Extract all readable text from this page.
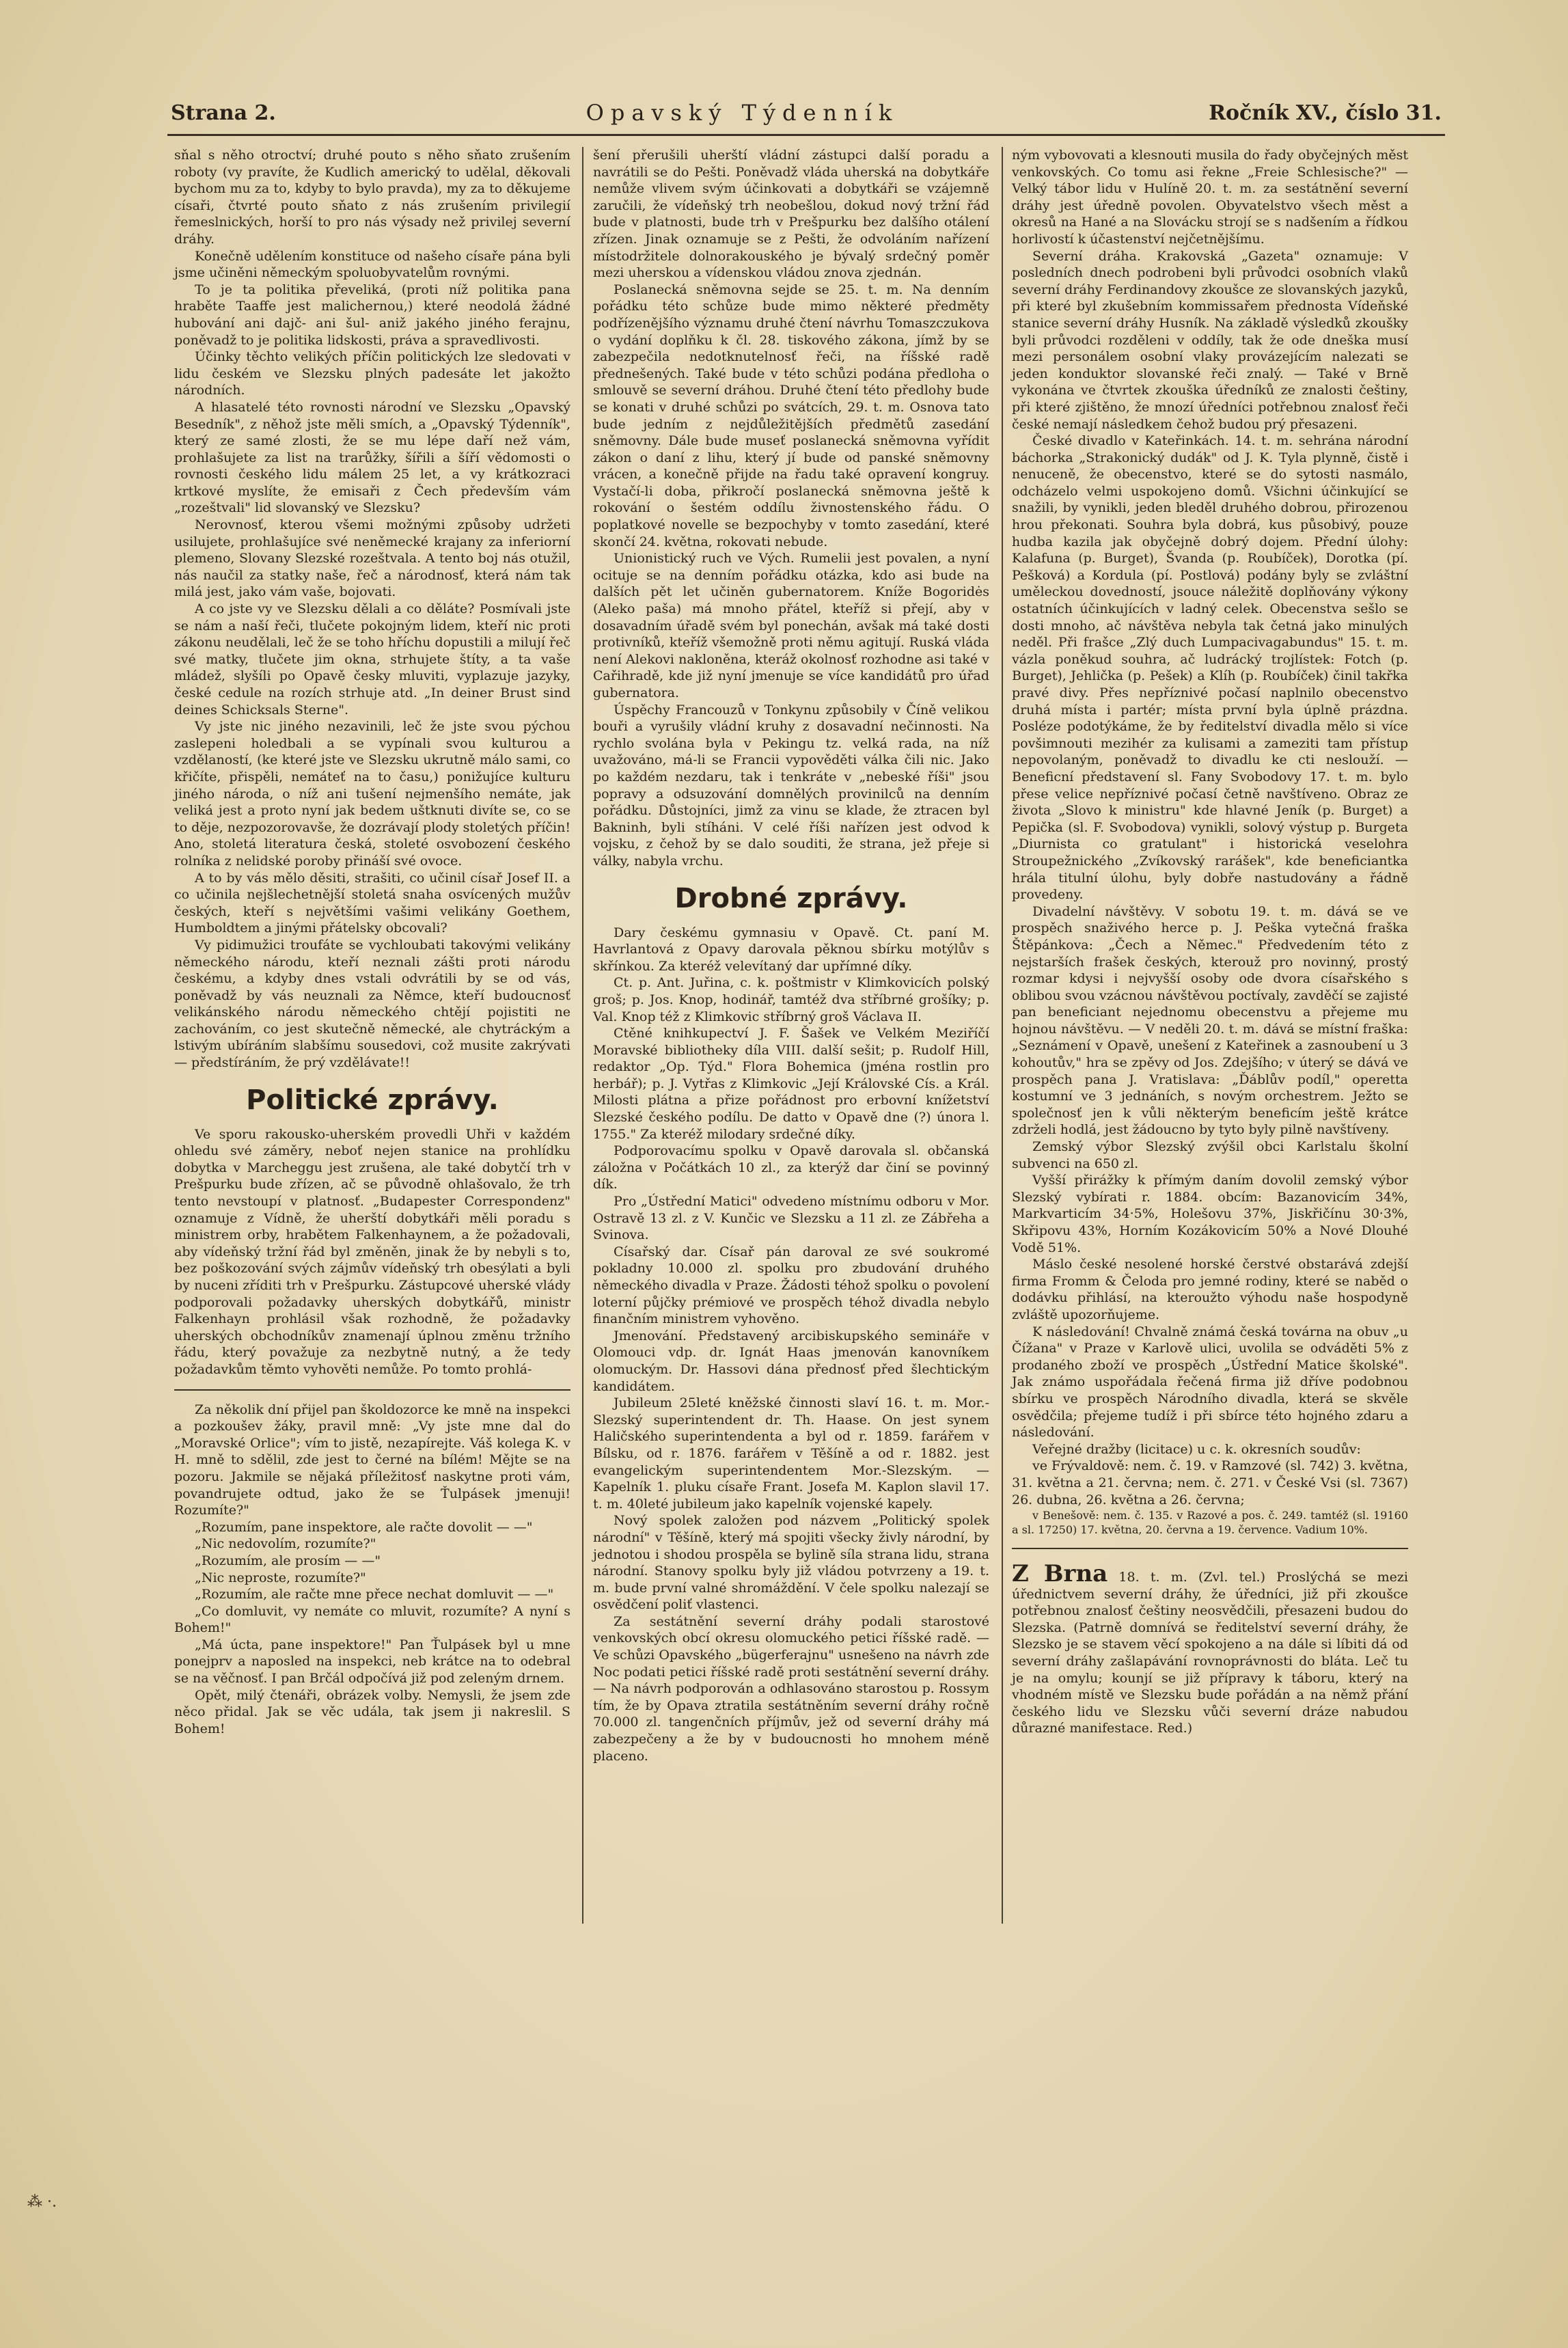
Strana 2.	Opavský Týdenník	Ročník XV., číslo 31.

sňal s něho otroctví; druhé pouto s něho sňato zrušením roboty (vy pravíte, že Kudlich americký to udělal, děkovali bychom mu za to, kdyby to bylo pravda), my za to děkujeme císaři, čtvrté pouto sňato z nás zrušením privilegií řemeslnických, horší to pro nás výsady než privilej severní dráhy.

Konečně udělením konstituce od našeho císaře pána byli jsme učiněni německým spoluobyvatelům rovnými.

To je ta politika převeliká, (proti níž politika pana hraběte Taaffe jest malichernou,) které neodolá žádné hubování ani dajč- ani šul- aniž jakého jiného ferajnu, poněvadž to je politika lidskosti, práva a spravedlivosti.

Účinky těchto velikých příčin politických lze sledovati v lidu českém ve Slezsku plných padesáte let jakožto národních.

A hlasatelé této rovnosti národní ve Slezsku „Opavský Besedník", z něhož jste měli smích, a „Opavský Týdenník", který ze samé zlosti, že se mu lépe daří než vám, prohlašujete za list na trarůžky, šířili a šíří vědomosti o rovnosti českého lidu málem 25 let, a vy krátkozraci krtkové myslíte, že emisaři z Čech především vám „rozeštvali" lid slovanský ve Slezsku?

Nerovnosť, kterou všemi možnými způsoby udržeti usilujete, prohlašujíce své neněmecké krajany za inferiorní plemeno, Slovany Slezské rozeštvala. A tento boj nás otužil, nás naučil za statky naše, řeč a národnosť, která nám tak milá jest, jako vám vaše, bojovati.

A co jste vy ve Slezsku dělali a co děláte? Posmívali jste se nám a naší řeči, tlučete pokojným lidem, kteří nic proti zákonu neudělali, leč že se toho hříchu dopustili a milují řeč své matky, tlučete jim okna, strhujete štíty, a ta vaše mládež, slyšíli po Opavě česky mluviti, vyplazuje jazyky, české cedule na rozích strhuje atd. „In deiner Brust sind deines Schicksals Sterne".

Vy jste nic jiného nezavinili, leč že jste svou pýchou zaslepeni holedbali a se vypínali svou kulturou a vzdělaností, (ke které jste ve Slezsku ukrutně málo sami, co křičíte, přispěli, nemáteť na to času,) ponižujíce kulturu jiného národa, o níž ani tušení nejmenšího nemáte, jak veliká jest a proto nyní jak bedem uštknuti divíte se, co se to děje, nezpozorovavše, že dozrávají plody stoletých příčin! Ano, stoletá literatura česká, stoleté osvobození českého rolníka z nelidské poroby přináší své ovoce.

A to by vás mělo děsiti, strašiti, co učinil císař Josef II. a co učinila nejšlechetnější stoletá snaha osvícených mužův českých, kteří s největšími vašimi velikány Goethem, Humboldtem a jinými přátelsky obcovali?

Vy pidimužici troufáte se vychloubati takovými velikány německého národu, kteří neznali zášti proti národu českému, a kdyby dnes vstali odvrátili by se od vás, poněvadž by vás neuznali za Němce, kteří budoucnosť velikánského národu německého chtějí pojistiti ne zachováním, co jest skutečně německé, ale chytráckým a lstivým ubíráním slabšímu sousedovi, což musite zakrývati — předstíráním, že prý vzdělávate!!

Politické zprávy.

Ve sporu rakousko-uherském provedli Uhři v každém ohledu své záměry, neboť nejen stanice na prohlídku dobytka v Marcheggu jest zrušena, ale také dobytčí trh v Prešpurku bude zřízen, ač se původně ohlašovalo, že trh tento nevstoupí v platnosť. „Budapester Correspondenz" oznamuje z Vídně, že uherští dobytkáři měli poradu s ministrem orby, hrabětem Falkenhaynem, a že požadovali, aby vídeňský tržní řád byl změněn, jinak že by nebyli s to, bez poškozování svých zájmův vídeňský trh obesýlati a byli by nuceni zříditi trh v Prešpurku. Zástupcové uherské vlády podporovali požadavky uherských dobytkářů, ministr Falkenhayn prohlásil však rozhodně, že požadavky uherských obchodníkův znamenají úplnou změnu tržního řádu, který považuje za nezbytně nutný, a že tedy požadavkům těmto vyhověti nemůže. Po tomto prohlá-

Za několik dní přijel pan školdozorce ke mně na inspekci a pozkoušev žáky, pravil mně: „Vy jste mne dal do „Moravské Orlice"; vím to jistě, nezapírejte. Váš kolega K. v H. mně to sdělil, zde jest to černé na bílém! Mějte se na pozoru. Jakmile se nějaká příležitosť naskytne proti vám, povandrujete odtud, jako že se Ťulpásek jmenuji! Rozumíte?"

„Rozumím, pane inspektore, ale račte dovolit — —"

„Nic nedovolím, rozumíte?"

„Rozumím, ale prosím — —"

„Nic neproste, rozumíte?"

„Rozumím, ale račte mne přece nechat domluvit — —"

„Co domluvit, vy nemáte co mluvit, rozumíte? A nyní s Bohem!"

„Má úcta, pane inspektore!" Pan Ťulpásek byl u mne ponejprv a naposled na inspekci, neb krátce na to odebral se na věčnosť. I pan Brčál odpočívá již pod zeleným drnem.

Opět, milý čtenáři, obrázek volby. Nemysli, že jsem zde něco přidal. Jak se věc udála, tak jsem ji nakreslil. S Bohem!

šení přerušili uherští vládní zástupci další poradu a navrátili se do Pešti. Poněvadž vláda uherská na dobytkáře nemůže vlivem svým účinkovati a dobytkáři se vzájemně zaručili, že vídeňský trh neobešlou, dokud nový tržní řád bude v platnosti, bude trh v Prešpurku bez dalšího otálení zřízen. Jinak oznamuje se z Pešti, že odvoláním nařízení místodržitele dolnorakouského je bývalý srdečný poměr mezi uherskou a vídenskou vládou znova zjednán.

Poslanecká sněmovna sejde se 25. t. m. Na denním pořádku této schůze bude mimo některé předměty podřízenějšího významu druhé čtení návrhu Tomaszczukova o vydání doplňku k čl. 28. tiskového zákona, jímž by se zabezpečila nedotknutelnosť řeči, na říšské radě přednešených. Také bude v této schůzi podána předloha o smlouvě se severní dráhou. Druhé čtení této předlohy bude se konati v druhé schůzi po svátcích, 29. t. m. Osnova tato bude jedním z nejdůležitějších předmětů zasedání sněmovny. Dále bude museť poslanecká sněmovna vyřídit zákon o daní z lihu, který jí bude od panské sněmovny vrácen, a konečně přijde na řadu také opravení kongruy. Vystačí-li doba, přikročí poslanecká sněmovna ještě k rokování o šestém oddílu živnostenského řádu. O poplatkové novelle se bezpochyby v tomto zasedání, které skončí 24. května, rokovati nebude.

Unionistický ruch ve Vých. Rumelii jest povalen, a nyní ocituje se na denním pořádku otázka, kdo asi bude na dalších pět let učiněn gubernatorem. Kníže Bogoridės (Aleko paša) má mnoho přátel, kteříž si přejí, aby v dosavadním úřadě svém byl ponechán, avšak má také dosti protivníků, kteříž všemožně proti němu agitují. Ruská vláda není Alekovi nakloněna, kteráž okolnosť rozhodne asi také v Cařihradě, kde již nyní jmenuje se více kandidátů pro úřad gubernatora.

Úspěchy Francouzů v Tonkynu způsobily v Číně velikou bouři a vyrušily vládní kruhy z dosavadní nečinnosti. Na rychlo svolána byla v Pekingu tz. velká rada, na níž uvažováno, má-li se Francii vypověděti válka čili nic. Jako po každém nezdaru, tak i tenkráte v „nebeské říši" jsou popravy a odsuzování domnělých provinilců na denním pořádku. Důstojníci, jimž za vinu se klade, že ztracen byl Bakninh, byli stíháni. V celé říši nařízen jest odvod k vojsku, z čehož by se dalo souditi, že strana, jež přeje si války, nabyla vrchu.

Drobné zprávy.

Dary českému gymnasiu v Opavě. Ct. paní M. Havrlantová z Opavy darovala pěknou sbírku motýlův s skřínkou. Za kteréž velevítaný dar upřímné díky.

Ct. p. Ant. Juřina, c. k. poštmistr v Klimkovicích polský groš; p. Jos. Knop, hodinář, tamtéž dva stříbrné grošíky; p. Val. Knop též z Klimkovic stříbrný groš Václava II.

Ctěné knihkupectví J. F. Šašek ve Velkém Meziříčí Moravské bibliotheky díla VIII. další sešit; p. Rudolf Hill, redaktor „Op. Týd." Flora Bohemica (jména rostlin pro herbář); p. J. Vytřas z Klimkovic „Její Královské Cís. a Král. Milosti plátna a přize pořádnost pro erbovní knížetství Slezské českého podílu. De datto v Opavě dne (?) února l. 1755." Za kteréž milodary srdečné díky.

Podporovacímu spolku v Opavě darovala sl. občanská záložna v Počátkách 10 zl., za kterýž dar činí se povinný dík.

Pro „Ústřední Matici" odvedeno místnímu odboru v Mor. Ostravě 13 zl. z V. Kunčic ve Slezsku a 11 zl. ze Zábřeha a Svinova.

Císařský dar. Císař pán daroval ze své soukromé pokladny 10.000 zl. spolku pro zbudování druhého německého divadla v Praze. Žádosti téhož spolku o povolení loterní půjčky prémiové ve prospěch téhož divadla nebylo finančním ministrem vyhověno.

Jmenování. Představený arcibiskupského semináře v Olomouci vdp. dr. Ignát Haas jmenován kanovníkem olomuckým. Dr. Hassovi dána přednosť před šlechtickým kandidátem.

Jubileum 25leté kněžské činnosti slaví 16. t. m. Mor.-Slezský superintendent dr. Th. Haase. On jest synem Haličského superintendenta a byl od r. 1859. farářem v Bílsku, od r. 1876. farářem v Těšíně a od r. 1882. jest evangelickým superintendentem Mor.-Slezským. — Kapelník 1. pluku císaře Frant. Josefa M. Kaplon slavil 17. t. m. 40leté jubileum jako kapelník vojenské kapely.

Nový spolek založen pod názvem „Politický spolek národní" v Těšíně, který má spojiti všecky živly národní, by jednotou i shodou prospěla se bylině síla strana lidu, strana národní. Stanovy spolku byly již vládou potvrzeny a 19. t. m. bude první valné shromáždění. V čele spolku nalezají se osvědčení poliť vlastenci.

Za sestátnění severní dráhy podali starostové venkovských obcí okresu olomuckého petici říšské radě. — Ve schůzi Opavského „bügerferajnu" usnešeno na návrh zde Noc podati petici říšské radě proti sestátnění severní dráhy. — Na návrh podporován a odhlasováno starostou p. Rossym tím, že by Opava ztratila sestátněním severní dráhy ročně 70.000 zl. tangenčních příjmův, jež od severní dráhy má zabezpečeny a že by v budoucnosti ho mnohem méně placeno.

ným vybovovati a klesnouti musila do řady obyčejných měst venkovských. Co tomu asi řekne „Freie Schlesische?" — Velký tábor lidu v Hulíně 20. t. m. za sestátnění severní dráhy jest úředně povolen. Obyvatelstvo všech měst a okresů na Hané a na Slovácku strojí se s nadšením a řídkou horlivostí k účastenství nejčetnějšímu.

Severní dráha. Krakovská „Gazeta" oznamuje: V posledních dnech podrobeni byli průvodci osobních vlaků severní dráhy Ferdinandovy zkoušce ze slovanských jazyků, při které byl zkušebním kommissařem přednosta Vídeňské stanice severní dráhy Husník. Na základě výsledků zkoušky byli průvodci rozděleni v oddíly, tak že ode dneška musí mezi personálem osobní vlaky provázejícím nalezati se jeden konduktor slovanské řeči znalý. — Také v Brně vykonána ve čtvrtek zkouška úředníků ze znalosti češtiny, při které zjištěno, že mnozí úředníci potřebnou znalosť řeči české nemají následkem čehož budou prý přesazeni.

České divadlo v Kateřinkách. 14. t. m. sehrána národní báchorka „Strakonický dudák" od J. K. Tyla plynně, čistě i nenuceně, že obecenstvo, které se do sytosti nasmálo, odcházelo velmi uspokojeno domů. Všichni účinkující se snažili, by vynikli, jeden bleděl druhého dobrou, přirozenou hrou překonati. Souhra byla dobrá, kus působivý, pouze hudba kazila jak obyčejně dobrý dojem. Přední úlohy: Kalafuna (p. Burget), Švanda (p. Roubíček), Dorotka (pí. Pešková) a Kordula (pí. Postlová) podány byly se zvláštní uměleckou dovedností, jsouce náležitě doplňovány výkony ostatních účinkujících v ladný celek. Obecenstva sešlo se dosti mnoho, ač návštěva nebyla tak četná jako minulých neděl. Při frašce „Zlý duch Lumpacivagabundus" 15. t. m. vázla poněkud souhra, ač ludrácký trojlístek: Fotch (p. Burget), Jehlička (p. Pešek) a Klíh (p. Roubíček) činil takřka pravé divy. Přes nepříznivé počasí naplnilo obecenstvo druhá místa i partér; místa první byla úplně prázdna. Posléze podotýkáme, že by ředitelství divadla mělo si více povšimnouti mezihér za kulisami a zameziti tam přístup nepovolaným, poněvadž to divadlu ke cti neslouží. — Beneficní představení sl. Fany Svobodovy 17. t. m. bylo přese velice nepříznivé počasí četně navštíveno. Obraz ze života „Slovo k ministru" kde hlavné Jeník (p. Burget) a Pepička (sl. F. Svobodova) vynikli, solový výstup p. Burgeta „Diurnista co gratulant" i historická veselohra Stroupežnického „Zvíkovský rarášek", kde beneficiantka hrála titulní úlohu, byly dobře nastudovány a řádně provedeny.

Divadelní návštěvy. V sobotu 19. t. m. dává se ve prospěch snaživého herce p. J. Peška vytečná fraška Štěpánkova: „Čech a Němec." Předvedením této z nejstarších frašek českých, kterouž pro novinný, prostý rozmar kdysi i nejvyšší osoby ode dvora císařského s oblibou svou vzácnou návštěvou poctívaly, zavděčí se zajisté pan beneficiant nejednomu obecenstvu a přejeme mu hojnou návštěvu. — V neděli 20. t. m. dává se místní fraška: „Seznámení v Opavě, unešení z Kateřinek a zasnoubení u 3 kohoutův," hra se zpěvy od Jos. Zdejšího; v úterý se dává ve prospěch pana J. Vratislava: „Ďáblův podíl," operetta kostumní ve 3 jednáních, s novým orchestrem. Ježto se společnosť jen k vůli některým beneficím ještě krátce zdrželi hodlá, jest žádoucno by tyto byly pilně navštíveny.

Zemský výbor Slezský zvýšil obci Karlstalu školní subvenci na 650 zl.

Vyšší přirážky k přímým daním dovolil zemský výbor Slezský vybírati r. 1884. obcím: Bazanovicím 34%, Markvarticím 34·5%, Holešovu 37%, Jiskřičínu 30·3%, Skřipovu 43%, Horním Kozákovicím 50% a Nové Dlouhé Vodě 51%.

Máslo české nesolené horské čerstvé obstarává zdejší firma Fromm & Čeloda pro jemné rodiny, které se naběd o dodávku přihlásí, na kteroužto výhodu naše hospodyně zvláště upozorňujeme.

K následování! Chvalně známá česká továrna na obuv „u Čížana" v Praze v Karlově ulici, uvolila se odváděti 5% z prodaného zboží ve prospěch „Ústřední Matice školské". Jak známo uspořádala řečená firma již dříve podobnou sbírku ve prospěch Národního divadla, která se skvěle osvědčila; přejeme tudíž i při sbírce této hojného zdaru a následování.

Veřejné dražby (licitace) u c. k. okresních soudův:

ve Frývaldově: nem. č. 19. v Ramzové (sl. 742) 3. května, 31. května a 21. června; nem. č. 271. v České Vsi (sl. 7367) 26. dubna, 26. května a 26. června;

v Benešově: nem. č. 135. v Razové a pos. č. 249. tamtéž (sl. 19160 a sl. 17250) 17. května, 20. června a 19. července. Vadium 10%.

Z Brna 18. t. m. (Zvl. tel.) Proslýchá se mezi úřednictvem severní dráhy, že úředníci, již při zkoušce potřebnou znalosť češtiny neosvědčili, přesazeni budou do Slezska. (Patrně domnívá se ředitelství severní dráhy, že Slezsko je se stavem věcí spokojeno a na dále si líbiti dá od severní dráhy zašlapávání rovnoprávnosti do bláta. Leč tu je na omylu; kounjí se již přípravy k táboru, který na vhodném místě ve Slezsku bude pořádán a na němž přání českého lidu ve Slezsku vůči severní dráze nabudou důrazné manifestace. Red.)

⁂ ·.
